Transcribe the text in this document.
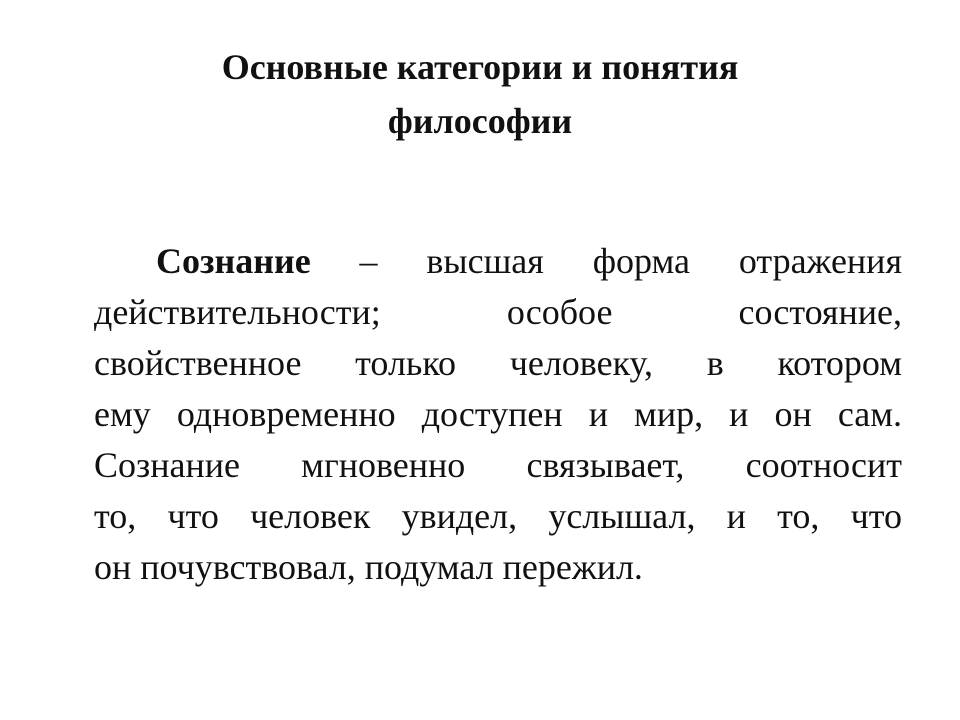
Основные категории и понятия
философии
Сознание – высшая форма отражения
действительности; особое состояние,
свойственное только человеку, в котором
ему одновременно доступен и мир, и он сам.
Сознание мгновенно связывает, соотносит
то, что человек увидел, услышал, и то, что
он почувствовал, подумал пережил.
